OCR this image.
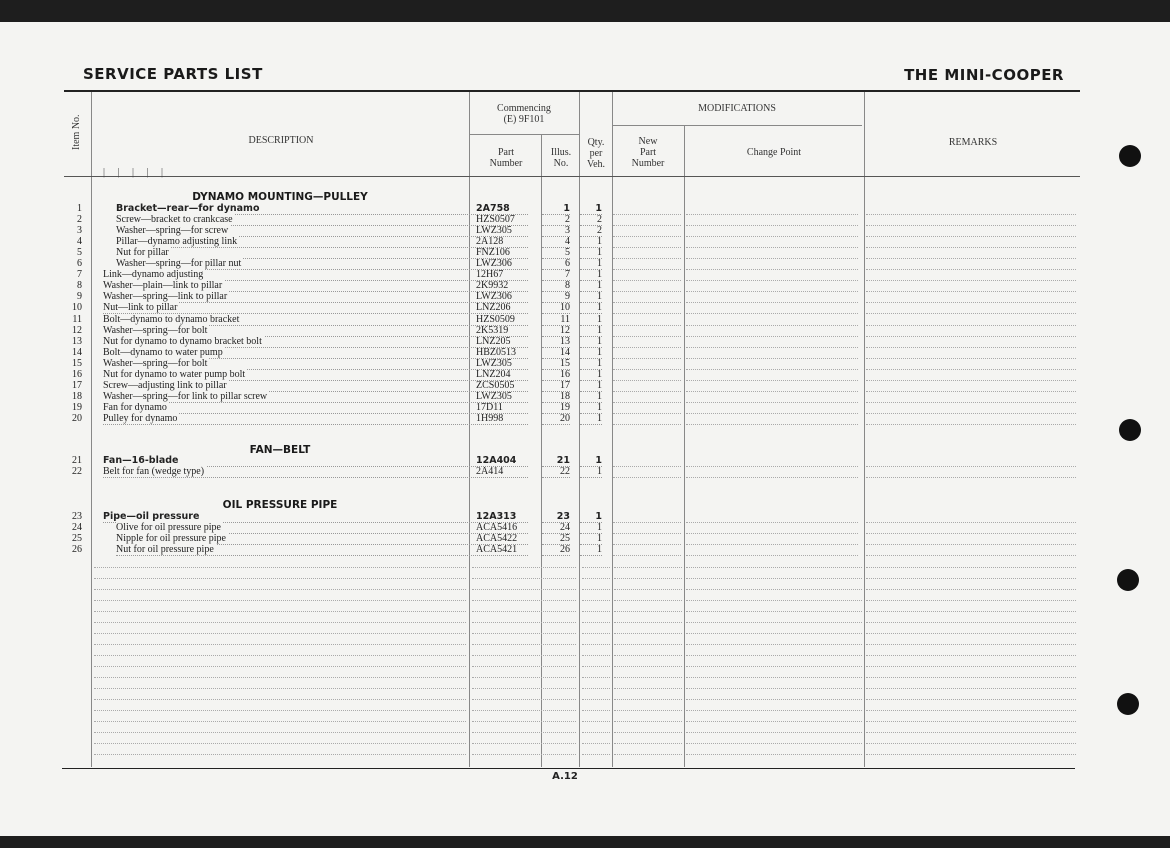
SERVICE PARTS LIST	THE MINI-COOPER
Item No.	DESCRIPTION
| | | | |
Commencing
(E) 9F101
Part
Number
Illus.
No.
Qty.
per
Veh.
MODIFICATIONS
New
Part
Number
Change Point
REMARKS
DYNAMO MOUNTING—PULLEY
1	Bracket—rear—for dynamo	2A758	1	1
2	Screw—bracket to crankcase	HZS0507	2	2
3	Washer—spring—for screw	LWZ305	3	2
4	Pillar—dynamo adjusting link	2A128	4	1
5	Nut for pillar	FNZ106	5	1
6	Washer—spring—for pillar nut	LWZ306	6	1
7 Link—dynamo adjusting	12H67	7	1
8 Washer—plain—link to pillar	2K9932	8	1
9 Washer—spring—link to pillar	LWZ306	9	1
10 Nut—link to pillar	LNZ206	10	1
11 Bolt—dynamo to dynamo bracket	HZS0509	11	1
12 Washer—spring—for bolt	2K5319	12	1
13 Nut for dynamo to dynamo bracket bolt	LNZ205	13	1
14 Bolt—dynamo to water pump	HBZ0513	14	1
15 Washer—spring—for bolt	LWZ305	15	1
16 Nut for dynamo to water pump bolt	LNZ204	16	1
17 Screw—adjusting link to pillar	ZCS0505	17	1
18 Washer—spring—for link to pillar screw	LWZ305	18	1
19 Fan for dynamo	17D11	19	1
20 Pulley for dynamo	1H998	20	1
FAN—BELT
21 Fan—16-blade	12A404	21	1
22 Belt for fan (wedge type)	2A414	22	1
OIL PRESSURE PIPE
23 Pipe—oil pressure	12A313	23	1
24	Olive for oil pressure pipe	ACA5416	24	1
25	Nipple for oil pressure pipe	ACA5422	25	1
26	Nut for oil pressure pipe	ACA5421	26	1
A.12
